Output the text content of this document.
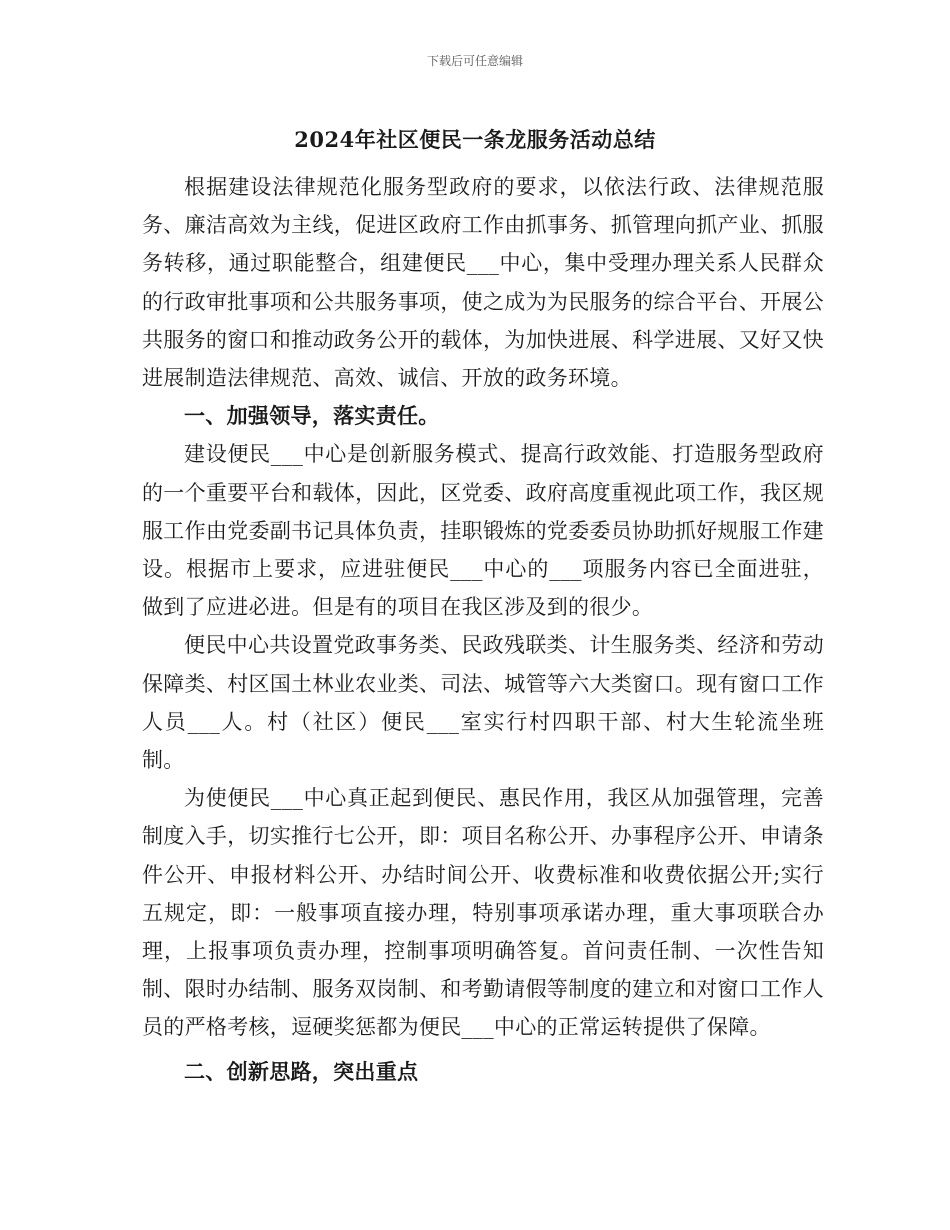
下载后可任意编辑
2024年社区便民一条龙服务活动总结

根据建设法律规范化服务型政府的要求，以依法行政、法律规范服务、廉洁高效为主线，促进区政府工作由抓事务、抓管理向抓产业、抓服务转移，通过职能整合，组建便民___中心，集中受理办理关系人民群众的行政审批事项和公共服务事项，使之成为为民服务的综合平台、开展公共服务的窗口和推动政务公开的载体，为加快进展、科学进展、又好又快进展制造法律规范、高效、诚信、开放的政务环境。

一、加强领导，落实责任。

建设便民___中心是创新服务模式、提高行政效能、打造服务型政府的一个重要平台和载体，因此，区党委、政府高度重视此项工作，我区规服工作由党委副书记具体负责，挂职锻炼的党委委员协助抓好规服工作建设。根据市上要求，应进驻便民___中心的___项服务内容已全面进驻，做到了应进必进。但是有的项目在我区涉及到的很少。

便民中心共设置党政事务类、民政残联类、计生服务类、经济和劳动保障类、村区国土林业农业类、司法、城管等六大类窗口。现有窗口工作人员___人。村（社区）便民___室实行村四职干部、村大生轮流坐班制。

为使便民___中心真正起到便民、惠民作用，我区从加强管理，完善制度入手，切实推行七公开，即：项目名称公开、办事程序公开、申请条件公开、申报材料公开、办结时间公开、收费标准和收费依据公开;实行五规定，即：一般事项直接办理，特别事项承诺办理，重大事项联合办理，上报事项负责办理，控制事项明确答复。首问责任制、一次性告知制、限时办结制、服务双岗制、和考勤请假等制度的建立和对窗口工作人员的严格考核，逗硬奖惩都为便民___中心的正常运转提供了保障。

二、创新思路，突出重点
